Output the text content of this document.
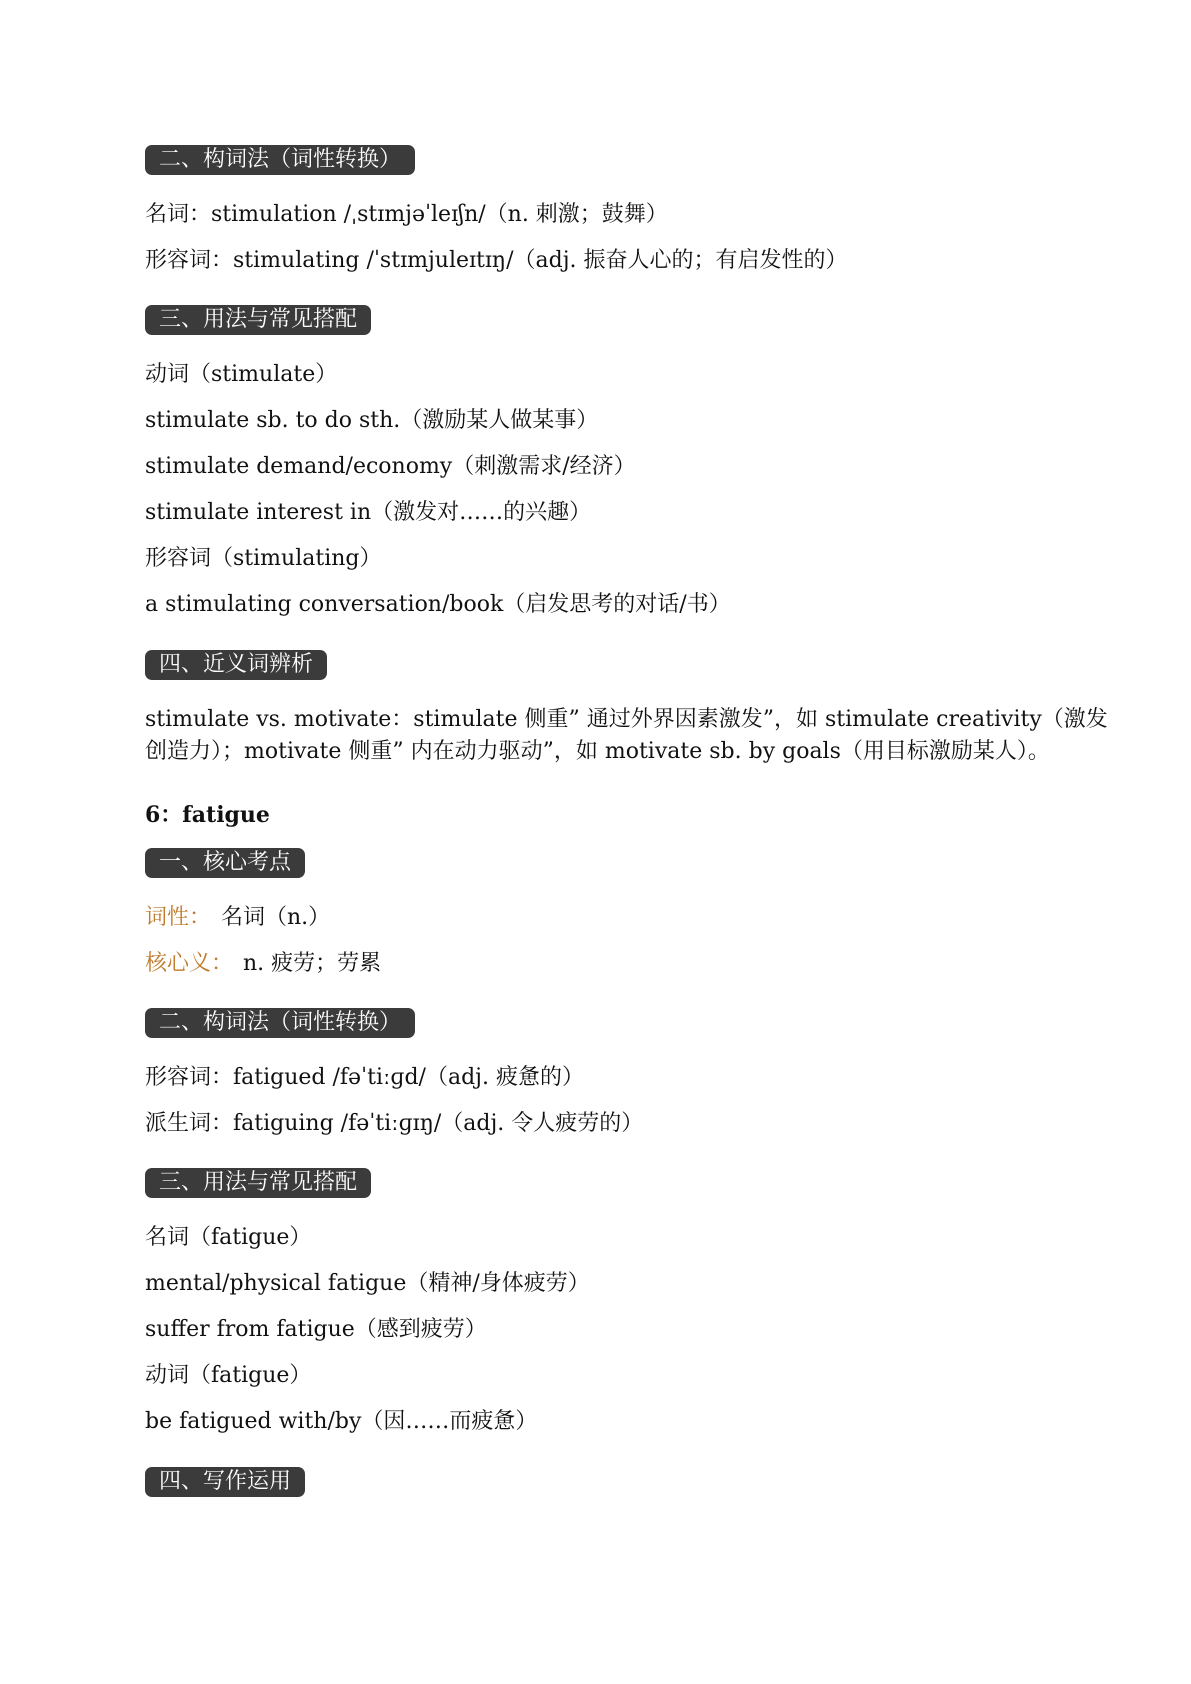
二、构词法（词性转换）
名词：stimulation /ˌstɪmjəˈleɪʃn/（n. 刺激；鼓舞）
形容词：stimulating /ˈstɪmjuleɪtɪŋ/（adj. 振奋人心的；有启发性的）
三、用法与常见搭配
动词（stimulate）
stimulate sb. to do sth.（激励某人做某事）
stimulate demand/economy（刺激需求/经济）
stimulate interest in（激发对……的兴趣）
形容词（stimulating）
a stimulating conversation/book（启发思考的对话/书）
四、近义词辨析

stimulate vs. motivate：stimulate 侧重” 通过外界因素激发”，如 stimulate creativity（激发

创造力）；motivate 侧重” 内在动力驱动”，如 motivate sb. by goals（用目标激励某人）。

6：fatigue
一、核心考点
词性： 名词（n.）
核心义： n. 疲劳；劳累
二、构词法（词性转换）
形容词：fatigued /fəˈtiːɡd/（adj. 疲惫的）
派生词：fatiguing /fəˈtiːɡɪŋ/（adj. 令人疲劳的）
三、用法与常见搭配
名词（fatigue）
mental/physical fatigue（精神/身体疲劳）
suffer from fatigue（感到疲劳）
动词（fatigue）
be fatigued with/by（因……而疲惫）
四、写作运用
